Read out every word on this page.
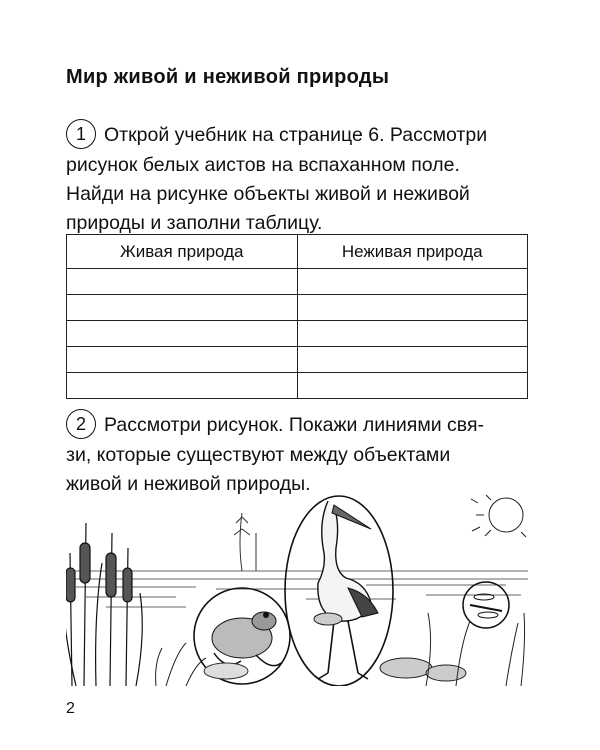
Мир живой и неживой природы
1 Открой учебник на странице 6. Рассмотри
рисунок белых аистов на вспаханном поле.
Найди на рисунке объекты живой и неживой
природы и заполни таблицу.
Живая природа	Неживая природа

2 Рассмотри рисунок. Покажи линиями свя-
зи, которые существуют между объектами
живой и неживой природы.
2
